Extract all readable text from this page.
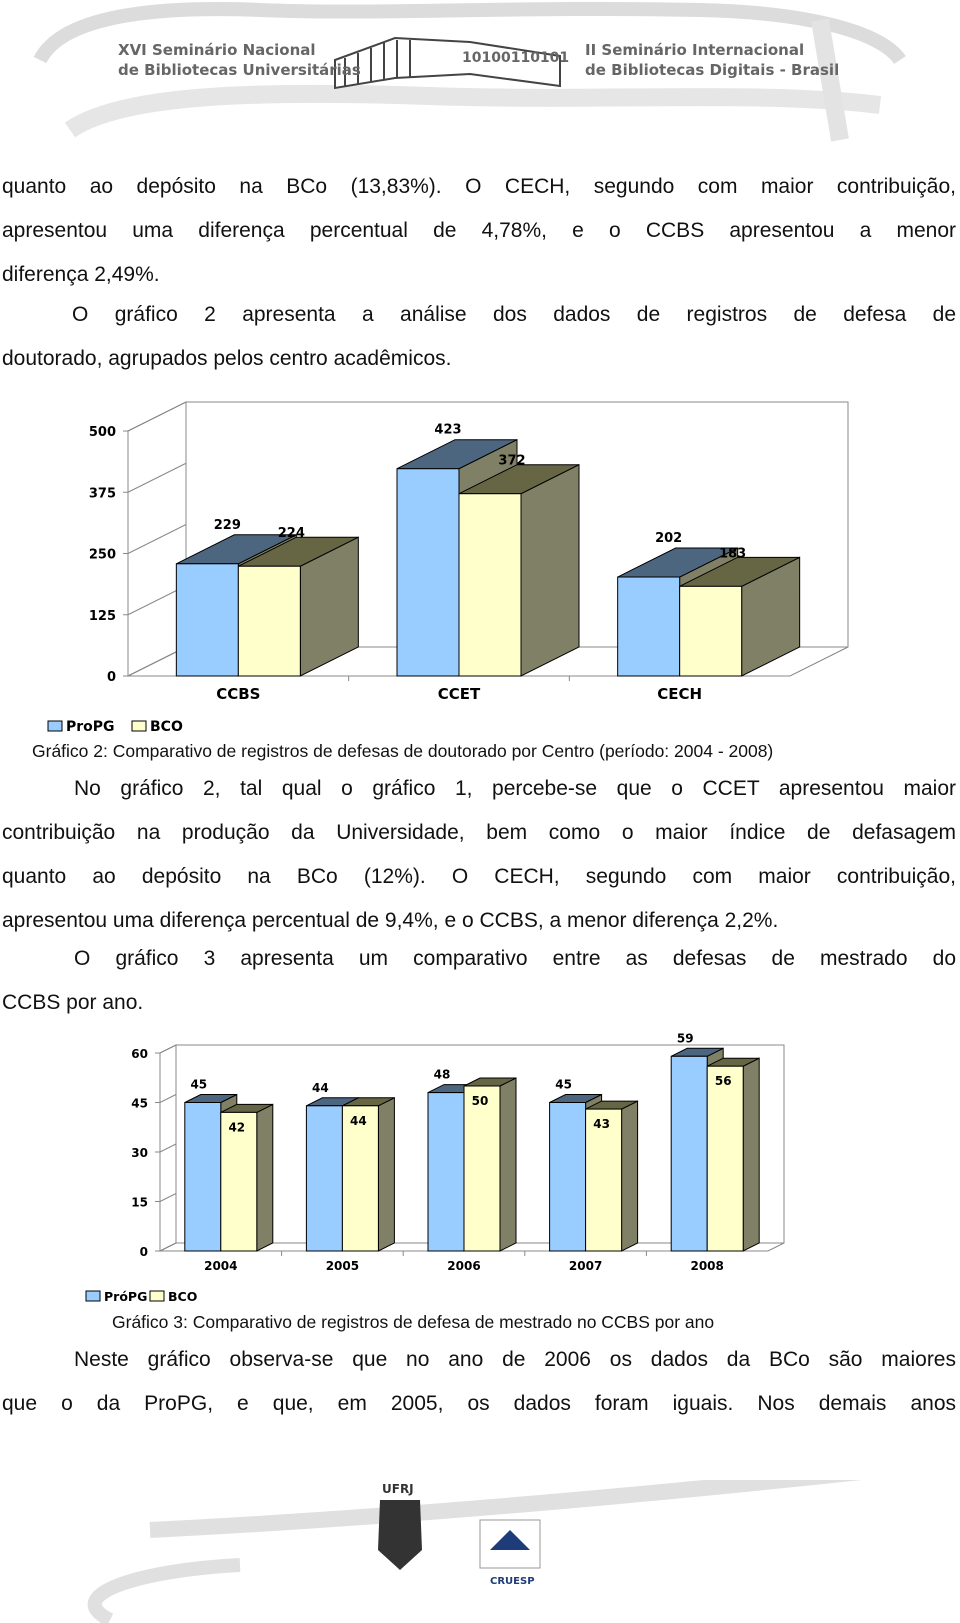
XVI Seminário Nacional
de Bibliotecas Universitárias
10100110101 II Seminário Internacional
de Bibliotecas Digitais - Brasil
quanto ao depósito na BCo (13,83%). O CECH, segundo com maior contribuição,
apresentou uma diferença percentual de 4,78%, e o CCBS apresentou a menor
diferença 2,49%.
O gráfico 2 apresenta a análise dos dados de registros de defesa de
doutorado, agrupados pelos centro acadêmicos.
500
375
250
125
0
CCBS
229
224
CCET
423
372
CECH
202
183
ProPG	BCO
Gráfico 2: Comparativo de registros de defesas de doutorado por Centro (período: 2004 - 2008)
No gráfico 2, tal qual o gráfico 1, percebe-se que o CCET apresentou maior
contribuição na produção da Universidade, bem como o maior índice de defasagem
quanto ao depósito na BCo (12%). O CECH, segundo com maior contribuição,
apresentou uma diferença percentual de 9,4%, e o CCBS, a menor diferença 2,2%.
O gráfico 3 apresenta um comparativo entre as defesas de mestrado do
CCBS por ano.
60
45
30
15
0
2004
45
42
2005
44
44
2006
48
50
2007
45
43
2008
59
56
PróPG BCO
Gráfico 3: Comparativo de registros de defesa de mestrado no CCBS por ano
Neste gráfico observa-se que no ano de 2006 os dados da BCo são maiores
que o da ProPG, e que, em 2005, os dados foram iguais. Nos demais anos
UFRJ
CRUESP
